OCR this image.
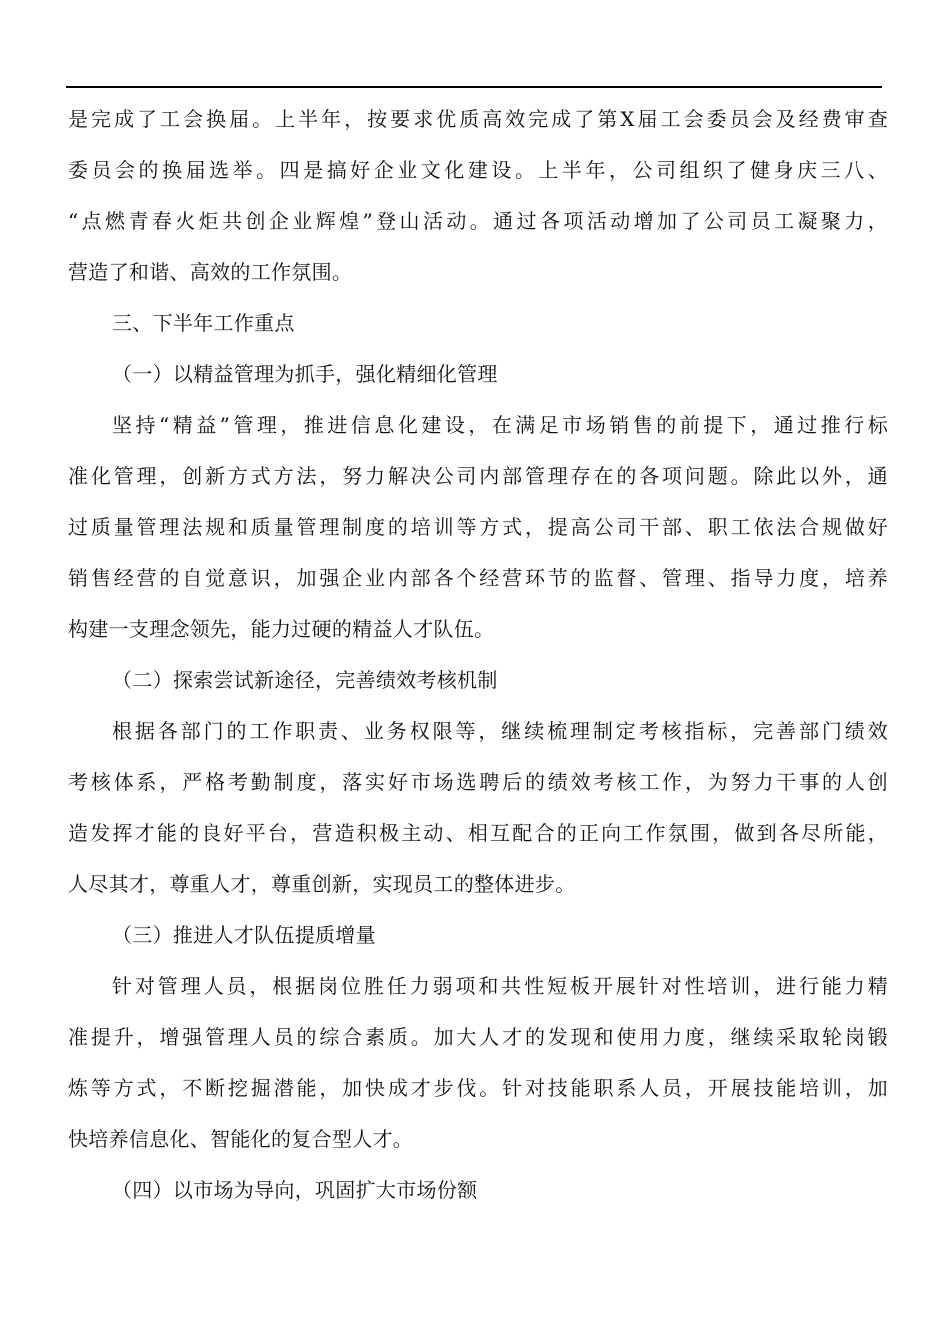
是完成了工会换届。上半年，按要求优质高效完成了第X届工会委员会及经费审查
委员会的换届选举。四是搞好企业文化建设。上半年，公司组织了健身庆三八、
“点燃青春火炬共创企业辉煌”登山活动。通过各项活动增加了公司员工凝聚力，
营造了和谐、高效的工作氛围。
三、下半年工作重点
（一）以精益管理为抓手，强化精细化管理
坚持“精益”管理，推进信息化建设，在满足市场销售的前提下，通过推行标
准化管理，创新方式方法，努力解决公司内部管理存在的各项问题。除此以外，通
过质量管理法规和质量管理制度的培训等方式，提高公司干部、职工依法合规做好
销售经营的自觉意识，加强企业内部各个经营环节的监督、管理、指导力度，培养
构建一支理念领先，能力过硬的精益人才队伍。
（二）探索尝试新途径，完善绩效考核机制
根据各部门的工作职责、业务权限等，继续梳理制定考核指标，完善部门绩效
考核体系，严格考勤制度，落实好市场选聘后的绩效考核工作，为努力干事的人创
造发挥才能的良好平台，营造积极主动、相互配合的正向工作氛围，做到各尽所能，
人尽其才，尊重人才，尊重创新，实现员工的整体进步。
（三）推进人才队伍提质增量
针对管理人员，根据岗位胜任力弱项和共性短板开展针对性培训，进行能力精
准提升，增强管理人员的综合素质。加大人才的发现和使用力度，继续采取轮岗锻
炼等方式，不断挖掘潜能，加快成才步伐。针对技能职系人员，开展技能培训，加
快培养信息化、智能化的复合型人才。
（四）以市场为导向，巩固扩大市场份额
